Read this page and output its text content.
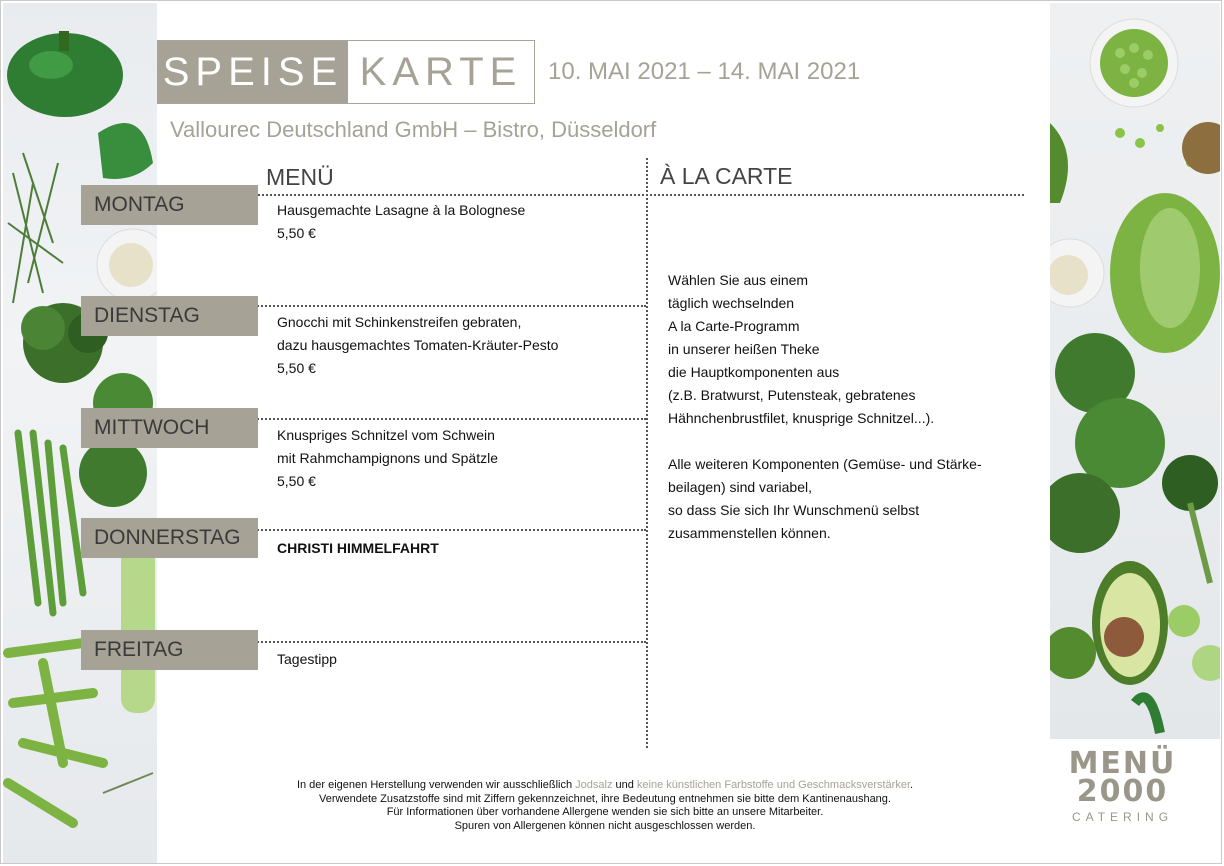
SPEISE KARTE	10. MAI 2021 – 14. MAI 2021
Vallourec Deutschland GmbH – Bistro, Düsseldorf
MENÜ	À LA CARTE
MONTAG
DIENSTAG
MITTWOCH
DONNERSTAG
FREITAG
Hausgemachte Lasagne à la Bolognese
5,50 €
Gnocchi mit Schinkenstreifen gebraten,
dazu hausgemachtes Tomaten-Kräuter-Pesto
5,50 €
Knuspriges Schnitzel vom Schwein
mit Rahmchampignons und Spätzle
5,50 €
CHRISTI HIMMELFAHRT
Tagestipp
Wählen Sie aus einem
täglich wechselnden
A la Carte-Programm
in unserer heißen Theke
die Hauptkomponenten aus
(z.B. Bratwurst, Putensteak, gebratenes
Hähnchenbrustfilet, knusprige Schnitzel...).
Alle weiteren Komponenten (Gemüse- und Stärke-
beilagen) sind variabel,
so dass Sie sich Ihr Wunschmenü selbst
zusammenstellen können.
In der eigenen Herstellung verwenden wir ausschließlich Jodsalz und keine künstlichen Farbstoffe und Geschmacksverstärker.
Verwendete Zusatzstoffe sind mit Ziffern gekennzeichnet, ihre Bedeutung entnehmen sie bitte dem Kantinenaushang.
Für Informationen über vorhandene Allergene wenden sie sich bitte an unsere Mitarbeiter.
Spuren von Allergenen können nicht ausgeschlossen werden.
MENÜ
2000
CATERING
